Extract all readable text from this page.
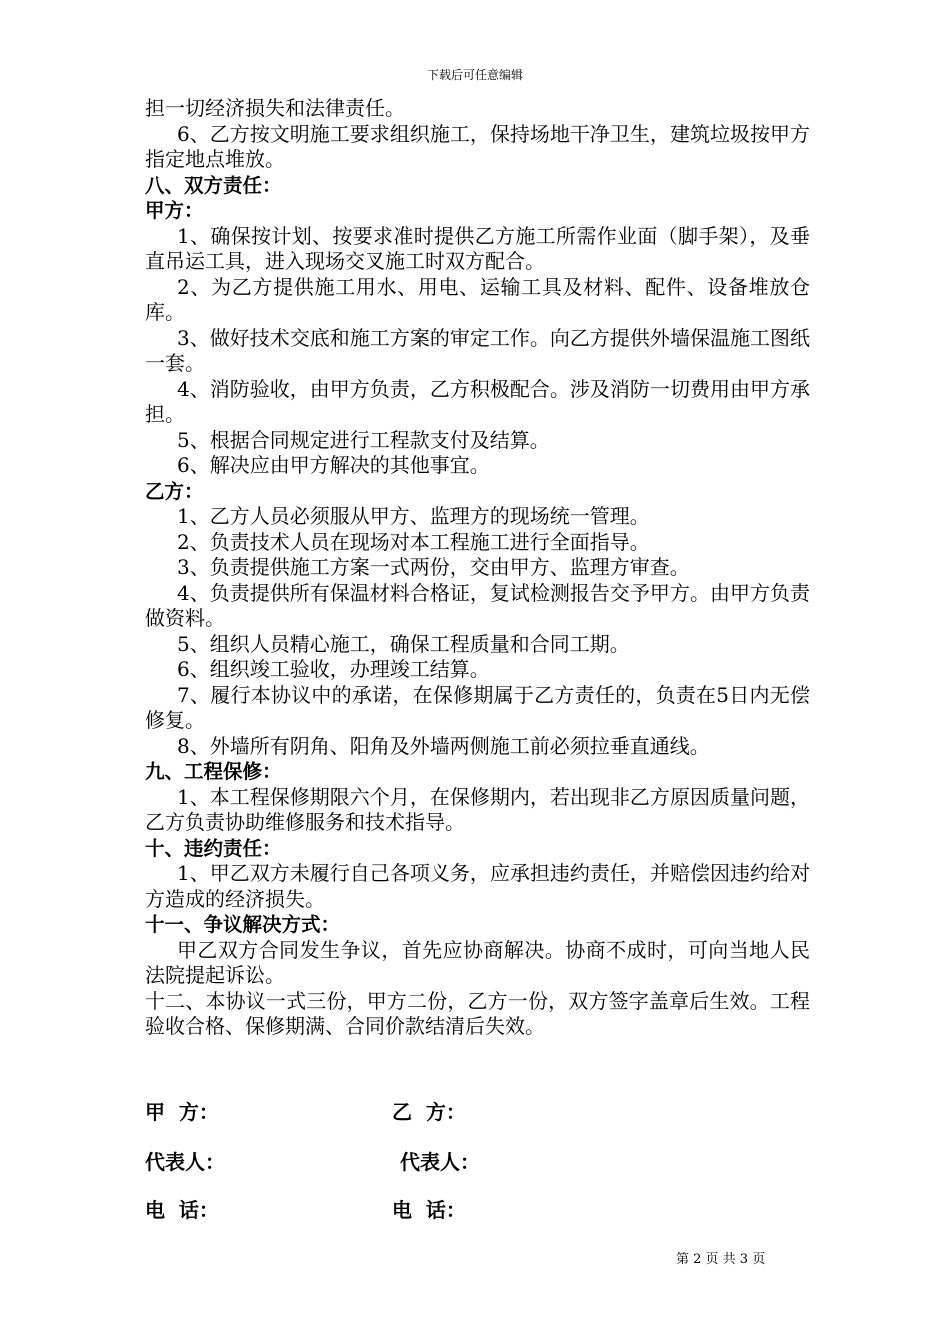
下载后可任意编辑

担一切经济损失和法律责任。

6、乙方按文明施工要求组织施工，保持场地干净卫生，建筑垃圾按甲方指定地点堆放。

八、双方责任：

甲方：

1、确保按计划、按要求准时提供乙方施工所需作业面（脚手架），及垂直吊运工具，进入现场交叉施工时双方配合。

2、为乙方提供施工用水、用电、运输工具及材料、配件、设备堆放仓库。

3、做好技术交底和施工方案的审定工作。向乙方提供外墙保温施工图纸一套。

4、消防验收，由甲方负责，乙方积极配合。涉及消防一切费用由甲方承担。

5、根据合同规定进行工程款支付及结算。

6、解决应由甲方解决的其他事宜。

乙方：

1、乙方人员必须服从甲方、监理方的现场统一管理。

2、负责技术人员在现场对本工程施工进行全面指导。

3、负责提供施工方案一式两份，交由甲方、监理方审查。

4、负责提供所有保温材料合格证，复试检测报告交予甲方。由甲方负责做资料。

5、组织人员精心施工，确保工程质量和合同工期。

6、组织竣工验收，办理竣工结算。

7、履行本协议中的承诺，在保修期属于乙方责任的，负责在5日内无偿修复。

8、外墙所有阴角、阳角及外墙两侧施工前必须拉垂直通线。

九、工程保修：

1、本工程保修期限六个月，在保修期内，若出现非乙方原因质量问题，乙方负责协助维修服务和技术指导。

十、违约责任：

1、甲乙双方未履行自己各项义务，应承担违约责任，并赔偿因违约给对方造成的经济损失。

十一、争议解决方式：

甲乙双方合同发生争议，首先应协商解决。协商不成时，可向当地人民法院提起诉讼。

十二、本协议一式三份，甲方二份，乙方一份，双方签字盖章后生效。工程验收合格、保修期满、合同价款结清后失效。

甲  方：	乙  方：
代表人：	代表人：
电  话：	电  话：
第 2 页 共 3 页
